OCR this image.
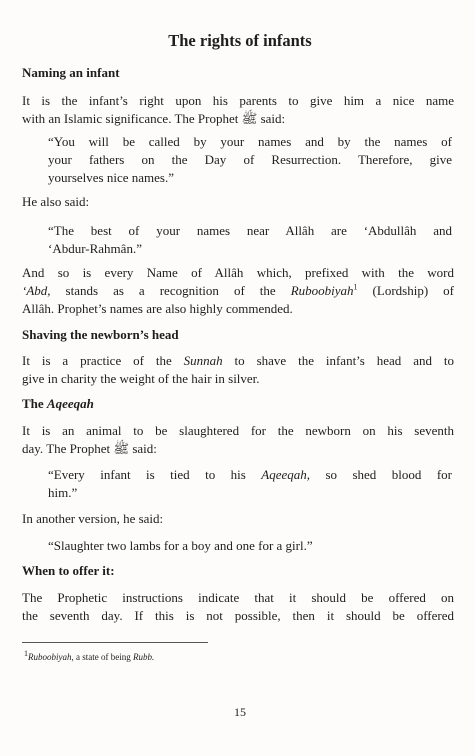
The rights of infants
Naming an infant
It is the infant’s right upon his parents to give him a nice name
with an Islamic significance. The Prophet ﷺ said:
“You will be called by your names and by the names of
your fathers on the Day of Resurrection. Therefore, give
yourselves nice names.”
He also said:
“The best of your names near Allâh are ‘Abdullâh and
‘Abdur-Rahmân.”
And so is every Name of Allâh which, prefixed with the word
‘Abd, stands as a recognition of the Ruboobiyah$^1$ (Lordship) of
Allâh. Prophet’s names are also highly commended.
Shaving the newborn’s head
It is a practice of the Sunnah to shave the infant’s head and to
give in charity the weight of the hair in silver.
The Aqeeqah
It is an animal to be slaughtered for the newborn on his seventh
day. The Prophet ﷺ said:
“Every infant is tied to his Aqeeqah, so shed blood for
him.”
In another version, he said:
“Slaughter two lambs for a boy and one for a girl.”
When to offer it:
The Prophetic instructions indicate that it should be offered on
the seventh day. If this is not possible, then it should be offered
$^1$Ruboobiyah, a state of being Rubb.
15
